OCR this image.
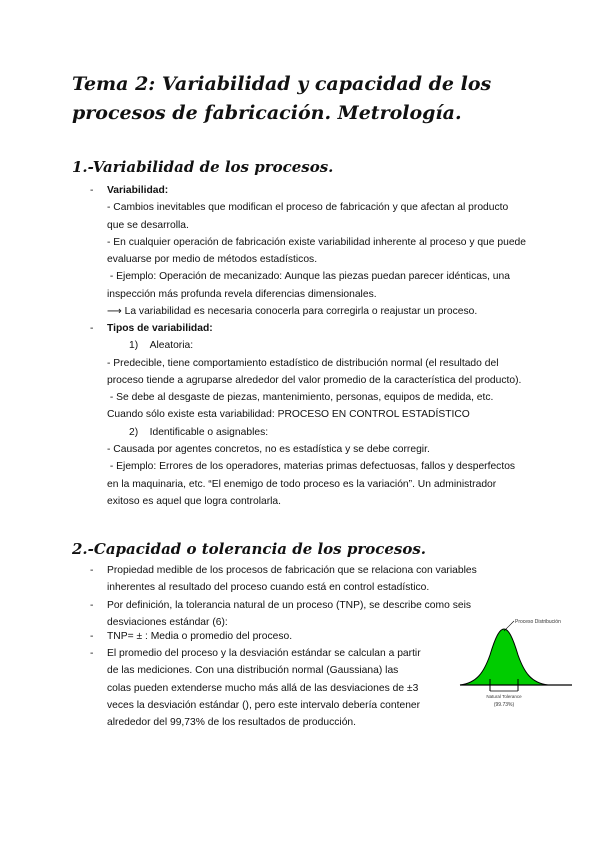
Tema 2: Variabilidad y capacidad de los procesos de fabricación. Metrología.
1.-Variabilidad de los procesos.
- Variabilidad:

- Cambios inevitables que modifican el proceso de fabricación y que afectan al producto que se desarrolla.

- En cualquier operación de fabricación existe variabilidad inherente al proceso y que puede evaluarse por medio de métodos estadísticos.

- Ejemplo: Operación de mecanizado: Aunque las piezas puedan parecer idénticas, una inspección más profunda revela diferencias dimensionales.

⟶ La variabilidad es necesaria conocerla para corregirla o reajustar un proceso.

- Tipos de variabilidad:

1) Aleatoria:

- Predecible, tiene comportamiento estadístico de distribución normal (el resultado del proceso tiende a agruparse alrededor del valor promedio de la característica del producto).

- Se debe al desgaste de piezas, mantenimiento, personas, equipos de medida, etc. Cuando sólo existe esta variabilidad: PROCESO EN CONTROL ESTADÍSTICO

2) Identificable o asignables:

- Causada por agentes concretos, no es estadística y se debe corregir.

- Ejemplo: Errores de los operadores, materias primas defectuosas, fallos y desperfectos en la maquinaria, etc. “El enemigo de todo proceso es la variación”. Un administrador exitoso es aquel que logra controlarla.

2.-Capacidad o tolerancia de los procesos.
- Propiedad medible de los procesos de fabricación que se relaciona con variables inherentes al resultado del proceso cuando está en control estadístico.

- Por definición, la tolerancia natural de un proceso (TNP), se describe como seis desviaciones estándar (6):

- TNP= ± : Media o promedio del proceso.

- El promedio del proceso y la desviación estándar se calculan a partir de las mediciones. Con una distribución normal (Gaussiana) las colas pueden extenderse mucho más allá de las desviaciones de ±3 veces la desviación estándar (), pero este intervalo debería contener alrededor del 99,73% de los resultados de producción.

Proceso Distribución
Natural Tolerance
(99.73%)
